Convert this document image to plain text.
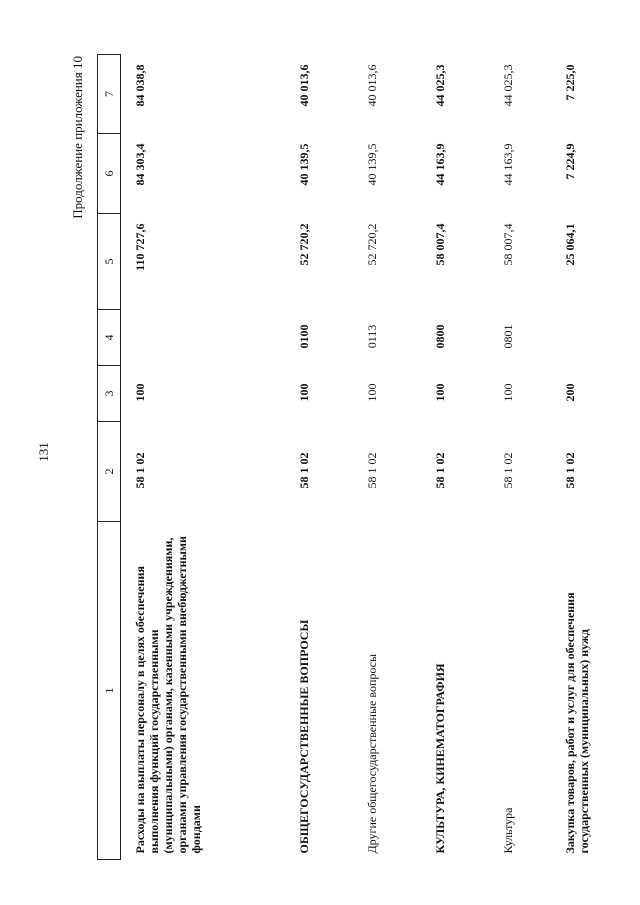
131
Продолжение приложения 10
1	2	3	4	5	6	7
Расходы на выплаты персоналу в целях обеспечения выполнения функций государственными (муниципальными) органами, казенными учреждениями, органами управления государственными внебюджетными фондами	58 1 02	100		110 727,6	84 303,4	84 038,8
ОБЩЕГОСУДАРСТВЕННЫЕ ВОПРОСЫ	58 1 02	100	0100	52 720,2	40 139,5	40 013,6
Другие общегосударственные вопросы	58 1 02	100	0113	52 720,2	40 139,5	40 013,6
КУЛЬТУРА, КИНЕМАТОГРАФИЯ	58 1 02	100	0800	58 007,4	44 163,9	44 025,3
Культура	58 1 02	100	0801	58 007,4	44 163,9	44 025,3
Закупка товаров, работ и услуг для обеспечения государственных (муниципальных) нужд	58 1 02	200		25 064,1	7 224,9	7 225,0
